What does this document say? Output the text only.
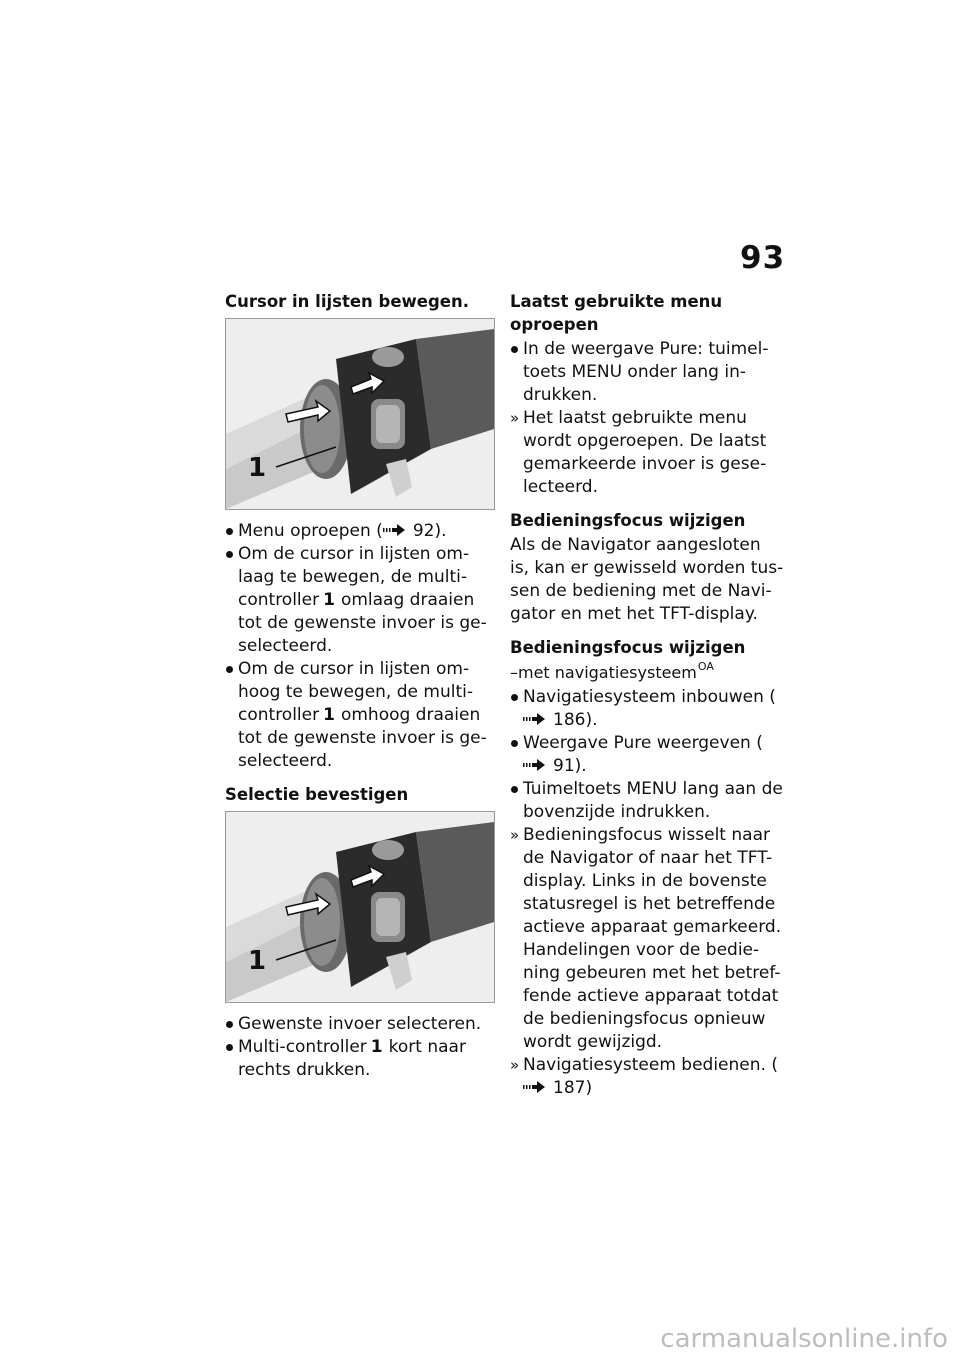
93
Cursor in lijsten bewegen.
1
Menu oproepen ( 92).
Om de cursor in lijsten om-laag te bewegen, de multi-controller 1 omlaag draaien tot de gewenste invoer is ge-selecteerd.
Om de cursor in lijsten om-hoog te bewegen, de multi-controller 1 omhoog draaien tot de gewenste invoer is ge-selecteerd.
Selectie bevestigen
1
Gewenste invoer selecteren.
Multi-controller 1 kort naar rechts drukken.
Laatst gebruikte menu oproepen
In de weergave Pure: tuimel-toets MENU onder lang in-drukken.
» Het laatst gebruikte menu wordt opgeroepen. De laatst gemarkeerde invoer is gese-lecteerd.
Bedieningsfocus wijzigen

Als de Navigator aangesloten is, kan er gewisseld worden tus-sen de bediening met de Navi-gator en met het TFT-display.

Bedieningsfocus wijzigen
–met navigatiesysteem$^{OA}$
Navigatiesysteem inbouwen (186).
Weergave Pure weergeven (91).
Tuimeltoets MENU lang aan de bovenzijde indrukken.
» Bedieningsfocus wisselt naar de Navigator of naar het TFT-display. Links in de bovenste statusregel is het betreffende actieve apparaat gemarkeerd. Handelingen voor de bedie-ning gebeuren met het betref-fende actieve apparaat totdat de bedieningsfocus opnieuw wordt gewijzigd.
» Navigatiesysteem bedienen. (187)
carmanualsonline.info
